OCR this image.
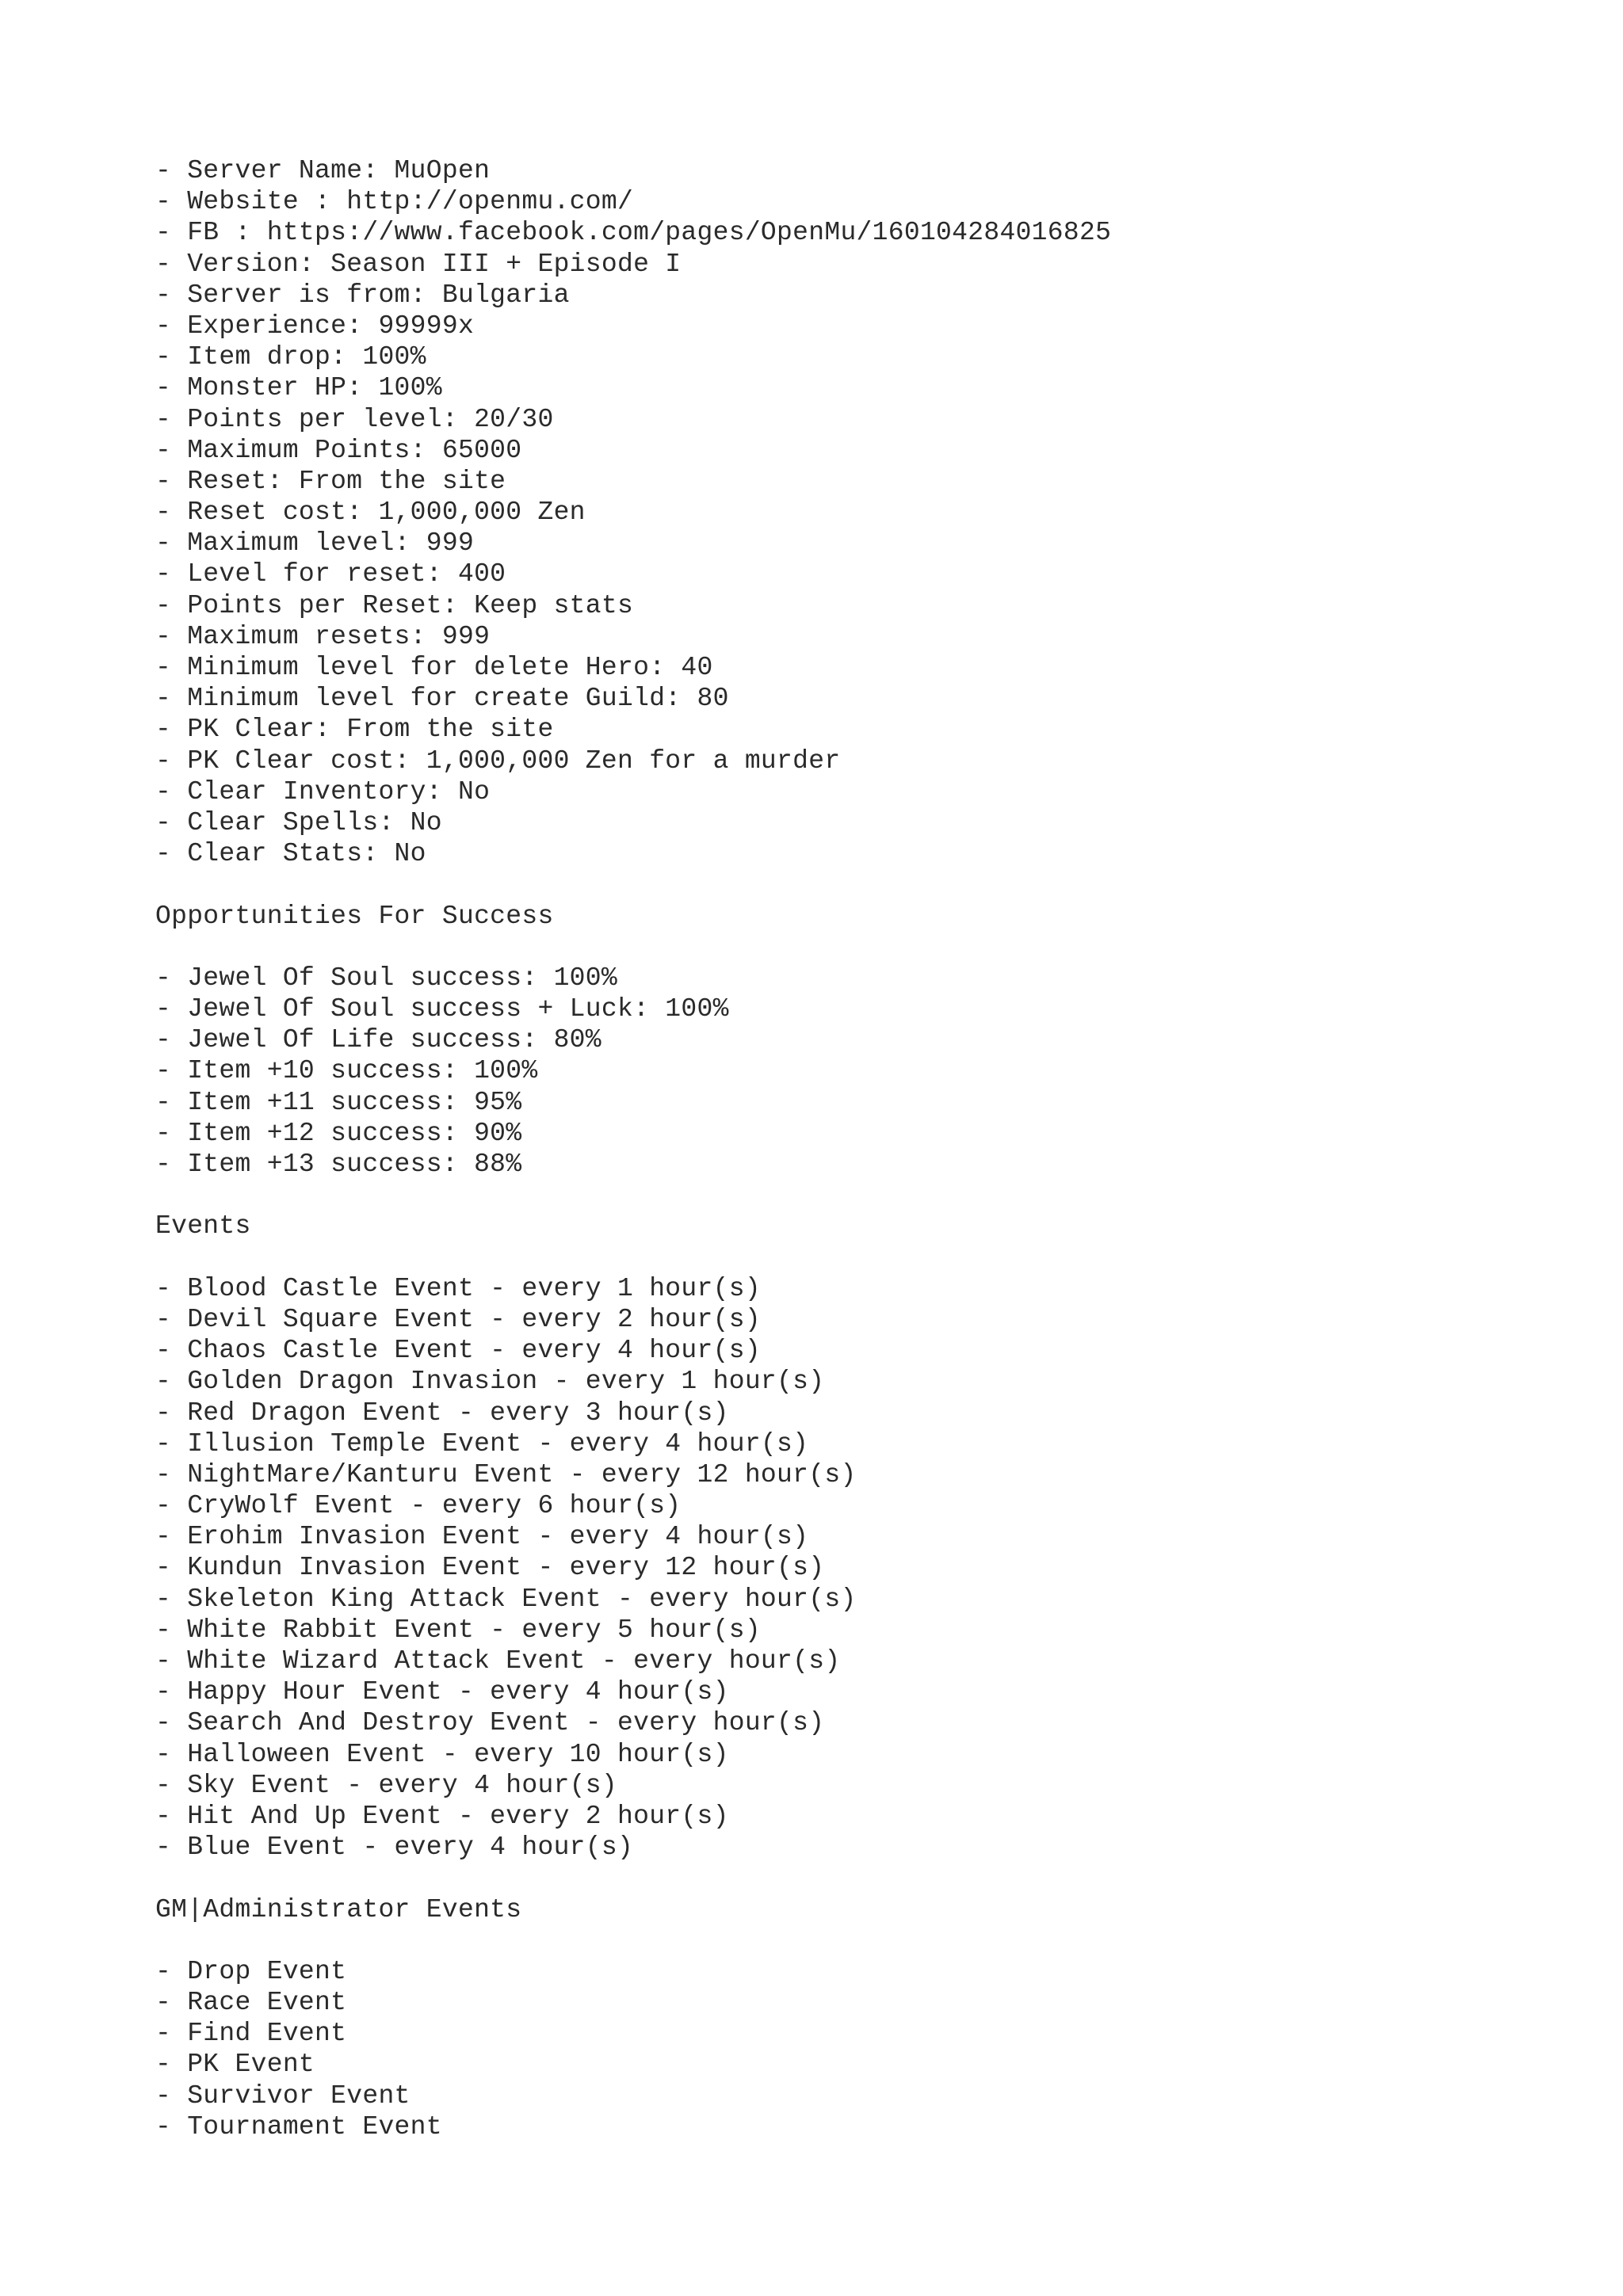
- Server Name: MuOpen
- Website : http://openmu.com/
- FB : https://www.facebook.com/pages/OpenMu/160104284016825
- Version: Season III + Episode I
- Server is from: Bulgaria
- Experience: 99999x
- Item drop: 100%
- Monster HP: 100%
- Points per level: 20/30
- Maximum Points: 65000
- Reset: From the site
- Reset cost: 1,000,000 Zen
- Maximum level: 999
- Level for reset: 400
- Points per Reset: Keep stats
- Maximum resets: 999
- Minimum level for delete Hero: 40
- Minimum level for create Guild: 80
- PK Clear: From the site
- PK Clear cost: 1,000,000 Zen for a murder
- Clear Inventory: No
- Clear Spells: No
- Clear Stats: No
Opportunities For Success
- Jewel Of Soul success: 100%
- Jewel Of Soul success + Luck: 100%
- Jewel Of Life success: 80%
- Item +10 success: 100%
- Item +11 success: 95%
- Item +12 success: 90%
- Item +13 success: 88%
Events
- Blood Castle Event - every 1 hour(s)
- Devil Square Event - every 2 hour(s)
- Chaos Castle Event - every 4 hour(s)
- Golden Dragon Invasion - every 1 hour(s)
- Red Dragon Event - every 3 hour(s)
- Illusion Temple Event - every 4 hour(s)
- NightMare/Kanturu Event - every 12 hour(s)
- CryWolf Event - every 6 hour(s)
- Erohim Invasion Event - every 4 hour(s)
- Kundun Invasion Event - every 12 hour(s)
- Skeleton King Attack Event - every hour(s)
- White Rabbit Event - every 5 hour(s)
- White Wizard Attack Event - every hour(s)
- Happy Hour Event - every 4 hour(s)
- Search And Destroy Event - every hour(s)
- Halloween Event - every 10 hour(s)
- Sky Event - every 4 hour(s)
- Hit And Up Event - every 2 hour(s)
- Blue Event - every 4 hour(s)
GM|Administrator Events
- Drop Event
- Race Event
- Find Event
- PK Event
- Survivor Event
- Tournament Event
